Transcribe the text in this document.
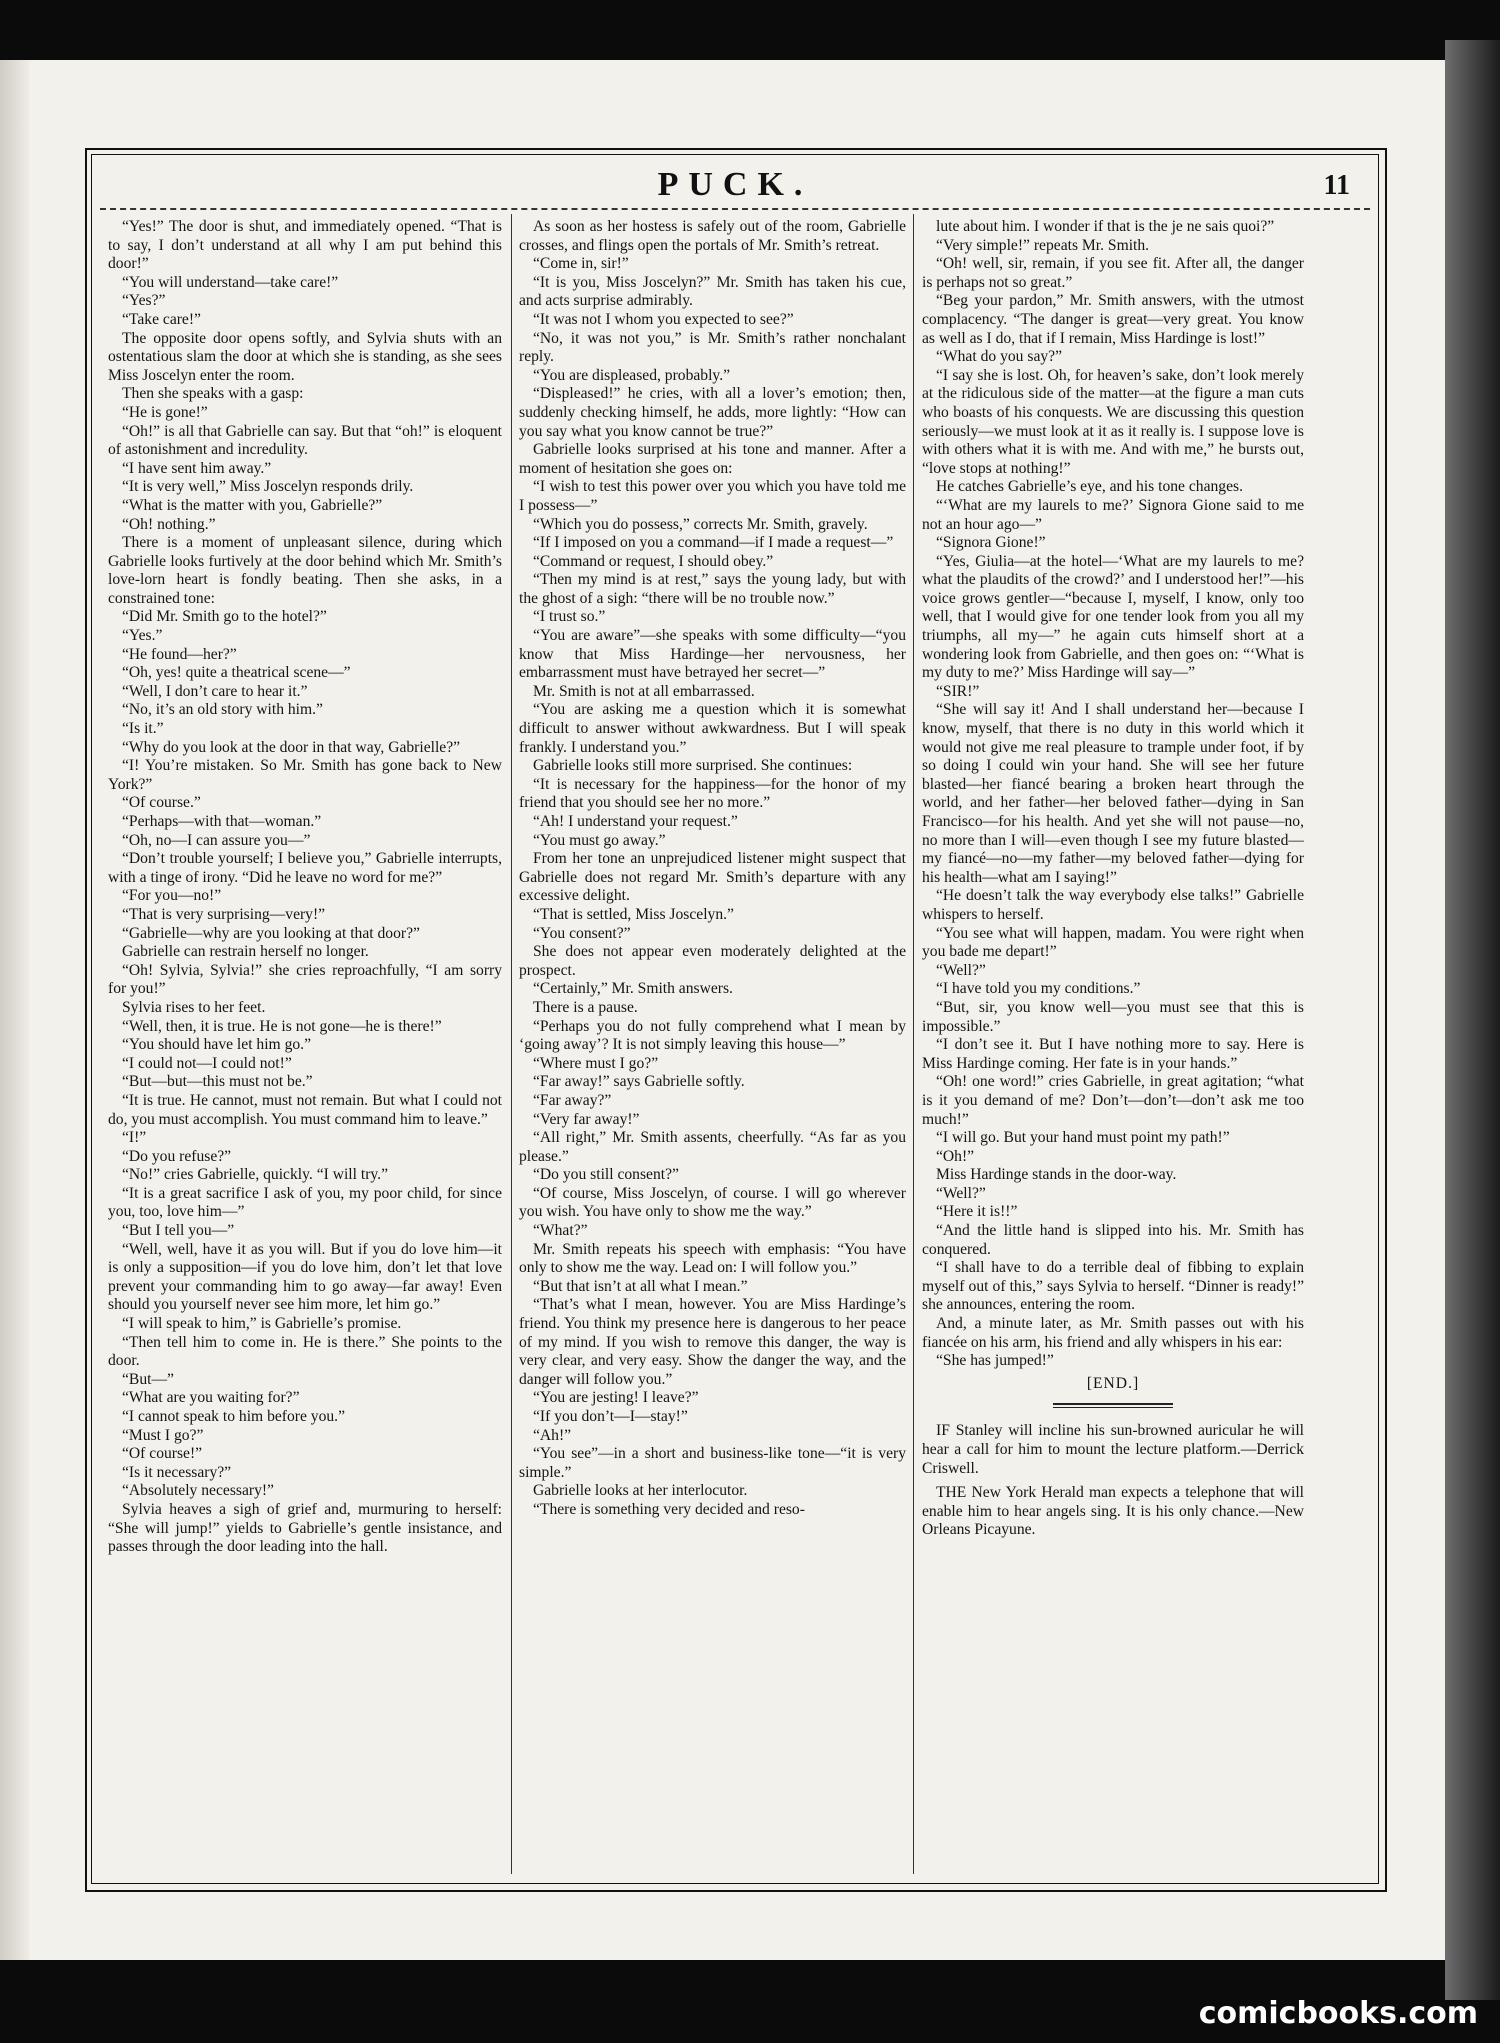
PUCK.	11

“Yes!” The door is shut, and immediately opened. “That is to say, I don’t understand at all why I am put behind this door!”

“You will understand—take care!”

“Yes?”

“Take care!”

The opposite door opens softly, and Sylvia shuts with an ostentatious slam the door at which she is standing, as she sees Miss Joscelyn enter the room.

Then she speaks with a gasp:

“He is gone!”

“Oh!” is all that Gabrielle can say. But that “oh!” is eloquent of astonishment and incredulity.

“I have sent him away.”

“It is very well,” Miss Joscelyn responds drily.

“What is the matter with you, Gabrielle?”

“Oh! nothing.”

There is a moment of unpleasant silence, during which Gabrielle looks furtively at the door behind which Mr. Smith’s love-lorn heart is fondly beating. Then she asks, in a constrained tone:

“Did Mr. Smith go to the hotel?”

“Yes.”

“He found—her?”

“Oh, yes! quite a theatrical scene—”

“Well, I don’t care to hear it.”

“No, it’s an old story with him.”

“Is it.”

“Why do you look at the door in that way, Gabrielle?”

“I! You’re mistaken. So Mr. Smith has gone back to New York?”

“Of course.”

“Perhaps—with that—woman.”

“Oh, no—I can assure you—”

“Don’t trouble yourself; I believe you,” Gabrielle interrupts, with a tinge of irony. “Did he leave no word for me?”

“For you—no!”

“That is very surprising—very!”

“Gabrielle—why are you looking at that door?”

Gabrielle can restrain herself no longer.

“Oh! Sylvia, Sylvia!” she cries reproachfully, “I am sorry for you!”

Sylvia rises to her feet.

“Well, then, it is true. He is not gone—he is there!”

“You should have let him go.”

“I could not—I could not!”

“But—but—this must not be.”

“It is true. He cannot, must not remain. But what I could not do, you must accomplish. You must command him to leave.”

“I!”

“Do you refuse?”

“No!” cries Gabrielle, quickly. “I will try.”

“It is a great sacrifice I ask of you, my poor child, for since you, too, love him—”

“But I tell you—”

“Well, well, have it as you will. But if you do love him—it is only a supposition—if you do love him, don’t let that love prevent your commanding him to go away—far away! Even should you yourself never see him more, let him go.”

“I will speak to him,” is Gabrielle’s promise.

“Then tell him to come in. He is there.” She points to the door.

“But—”

“What are you waiting for?”

“I cannot speak to him before you.”

“Must I go?”

“Of course!”

“Is it necessary?”

“Absolutely necessary!”

Sylvia heaves a sigh of grief and, murmuring to herself: “She will jump!” yields to Gabrielle’s gentle insistance, and passes through the door leading into the hall.

As soon as her hostess is safely out of the room, Gabrielle crosses, and flings open the portals of Mr. Smith’s retreat.

“Come in, sir!”

“It is you, Miss Joscelyn?” Mr. Smith has taken his cue, and acts surprise admirably.

“It was not I whom you expected to see?”

“No, it was not you,” is Mr. Smith’s rather nonchalant reply.

“You are displeased, probably.”

“Displeased!” he cries, with all a lover’s emotion; then, suddenly checking himself, he adds, more lightly: “How can you say what you know cannot be true?”

Gabrielle looks surprised at his tone and manner. After a moment of hesitation she goes on:

“I wish to test this power over you which you have told me I possess—”

“Which you do possess,” corrects Mr. Smith, gravely.

“If I imposed on you a command—if I made a request—”

“Command or request, I should obey.”

“Then my mind is at rest,” says the young lady, but with the ghost of a sigh: “there will be no trouble now.”

“I trust so.”

“You are aware”—she speaks with some difficulty—“you know that Miss Hardinge—her nervousness, her embarrassment must have betrayed her secret—”

Mr. Smith is not at all embarrassed.

“You are asking me a question which it is somewhat difficult to answer without awkwardness. But I will speak frankly. I understand you.”

Gabrielle looks still more surprised. She continues:

“It is necessary for the happiness—for the honor of my friend that you should see her no more.”

“Ah! I understand your request.”

“You must go away.”

From her tone an unprejudiced listener might suspect that Gabrielle does not regard Mr. Smith’s departure with any excessive delight.

“That is settled, Miss Joscelyn.”

“You consent?”

She does not appear even moderately delighted at the prospect.

“Certainly,” Mr. Smith answers.

There is a pause.

“Perhaps you do not fully comprehend what I mean by ‘going away’? It is not simply leaving this house—”

“Where must I go?”

“Far away!” says Gabrielle softly.

“Far away?”

“Very far away!”

“All right,” Mr. Smith assents, cheerfully. “As far as you please.”

“Do you still consent?”

“Of course, Miss Joscelyn, of course. I will go wherever you wish. You have only to show me the way.”

“What?”

Mr. Smith repeats his speech with emphasis: “You have only to show me the way. Lead on: I will follow you.”

“But that isn’t at all what I mean.”

“That’s what I mean, however. You are Miss Hardinge’s friend. You think my presence here is dangerous to her peace of my mind. If you wish to remove this danger, the way is very clear, and very easy. Show the danger the way, and the danger will follow you.”

“You are jesting! I leave?”

“If you don’t—I—stay!”

“Ah!”

“You see”—in a short and business-like tone—“it is very simple.”

Gabrielle looks at her interlocutor.

“There is something very decided and reso-

lute about him. I wonder if that is the je ne sais quoi?”

“Very simple!” repeats Mr. Smith.

“Oh! well, sir, remain, if you see fit. After all, the danger is perhaps not so great.”

“Beg your pardon,” Mr. Smith answers, with the utmost complacency. “The danger is great—very great. You know as well as I do, that if I remain, Miss Hardinge is lost!”

“What do you say?”

“I say she is lost. Oh, for heaven’s sake, don’t look merely at the ridiculous side of the matter—at the figure a man cuts who boasts of his conquests. We are discussing this question seriously—we must look at it as it really is. I suppose love is with others what it is with me. And with me,” he bursts out, “love stops at nothing!”

He catches Gabrielle’s eye, and his tone changes.

“‘What are my laurels to me?’ Signora Gione said to me not an hour ago—”

“Signora Gione!”

“Yes, Giulia—at the hotel—‘What are my laurels to me? what the plaudits of the crowd?’ and I understood her!”—his voice grows gentler—“because I, myself, I know, only too well, that I would give for one tender look from you all my triumphs, all my—” he again cuts himself short at a wondering look from Gabrielle, and then goes on: “‘What is my duty to me?’ Miss Hardinge will say—”

“SIR!”

“She will say it! And I shall understand her—because I know, myself, that there is no duty in this world which it would not give me real pleasure to trample under foot, if by so doing I could win your hand. She will see her future blasted—her fiancé bearing a broken heart through the world, and her father—her beloved father—dying in San Francisco—for his health. And yet she will not pause—no, no more than I will—even though I see my future blasted—my fiancé—no—my father—my beloved father—dying for his health—what am I saying!”

“He doesn’t talk the way everybody else talks!” Gabrielle whispers to herself.

“You see what will happen, madam. You were right when you bade me depart!”

“Well?”

“I have told you my conditions.”

“But, sir, you know well—you must see that this is impossible.”

“I don’t see it. But I have nothing more to say. Here is Miss Hardinge coming. Her fate is in your hands.”

“Oh! one word!” cries Gabrielle, in great agitation; “what is it you demand of me? Don’t—don’t—don’t ask me too much!”

“I will go. But your hand must point my path!”

“Oh!”

Miss Hardinge stands in the door-way.

“Well?”

“Here it is!!”

“And the little hand is slipped into his. Mr. Smith has conquered.

“I shall have to do a terrible deal of fibbing to explain myself out of this,” says Sylvia to herself. “Dinner is ready!” she announces, entering the room.

And, a minute later, as Mr. Smith passes out with his fiancée on his arm, his friend and ally whispers in his ear:

“She has jumped!”

[END.]

IF Stanley will incline his sun-browned auricular he will hear a call for him to mount the lecture platform.—Derrick Criswell.

THE New York Herald man expects a telephone that will enable him to hear angels sing. It is his only chance.—New Orleans Picayune.

comicbooks.com
